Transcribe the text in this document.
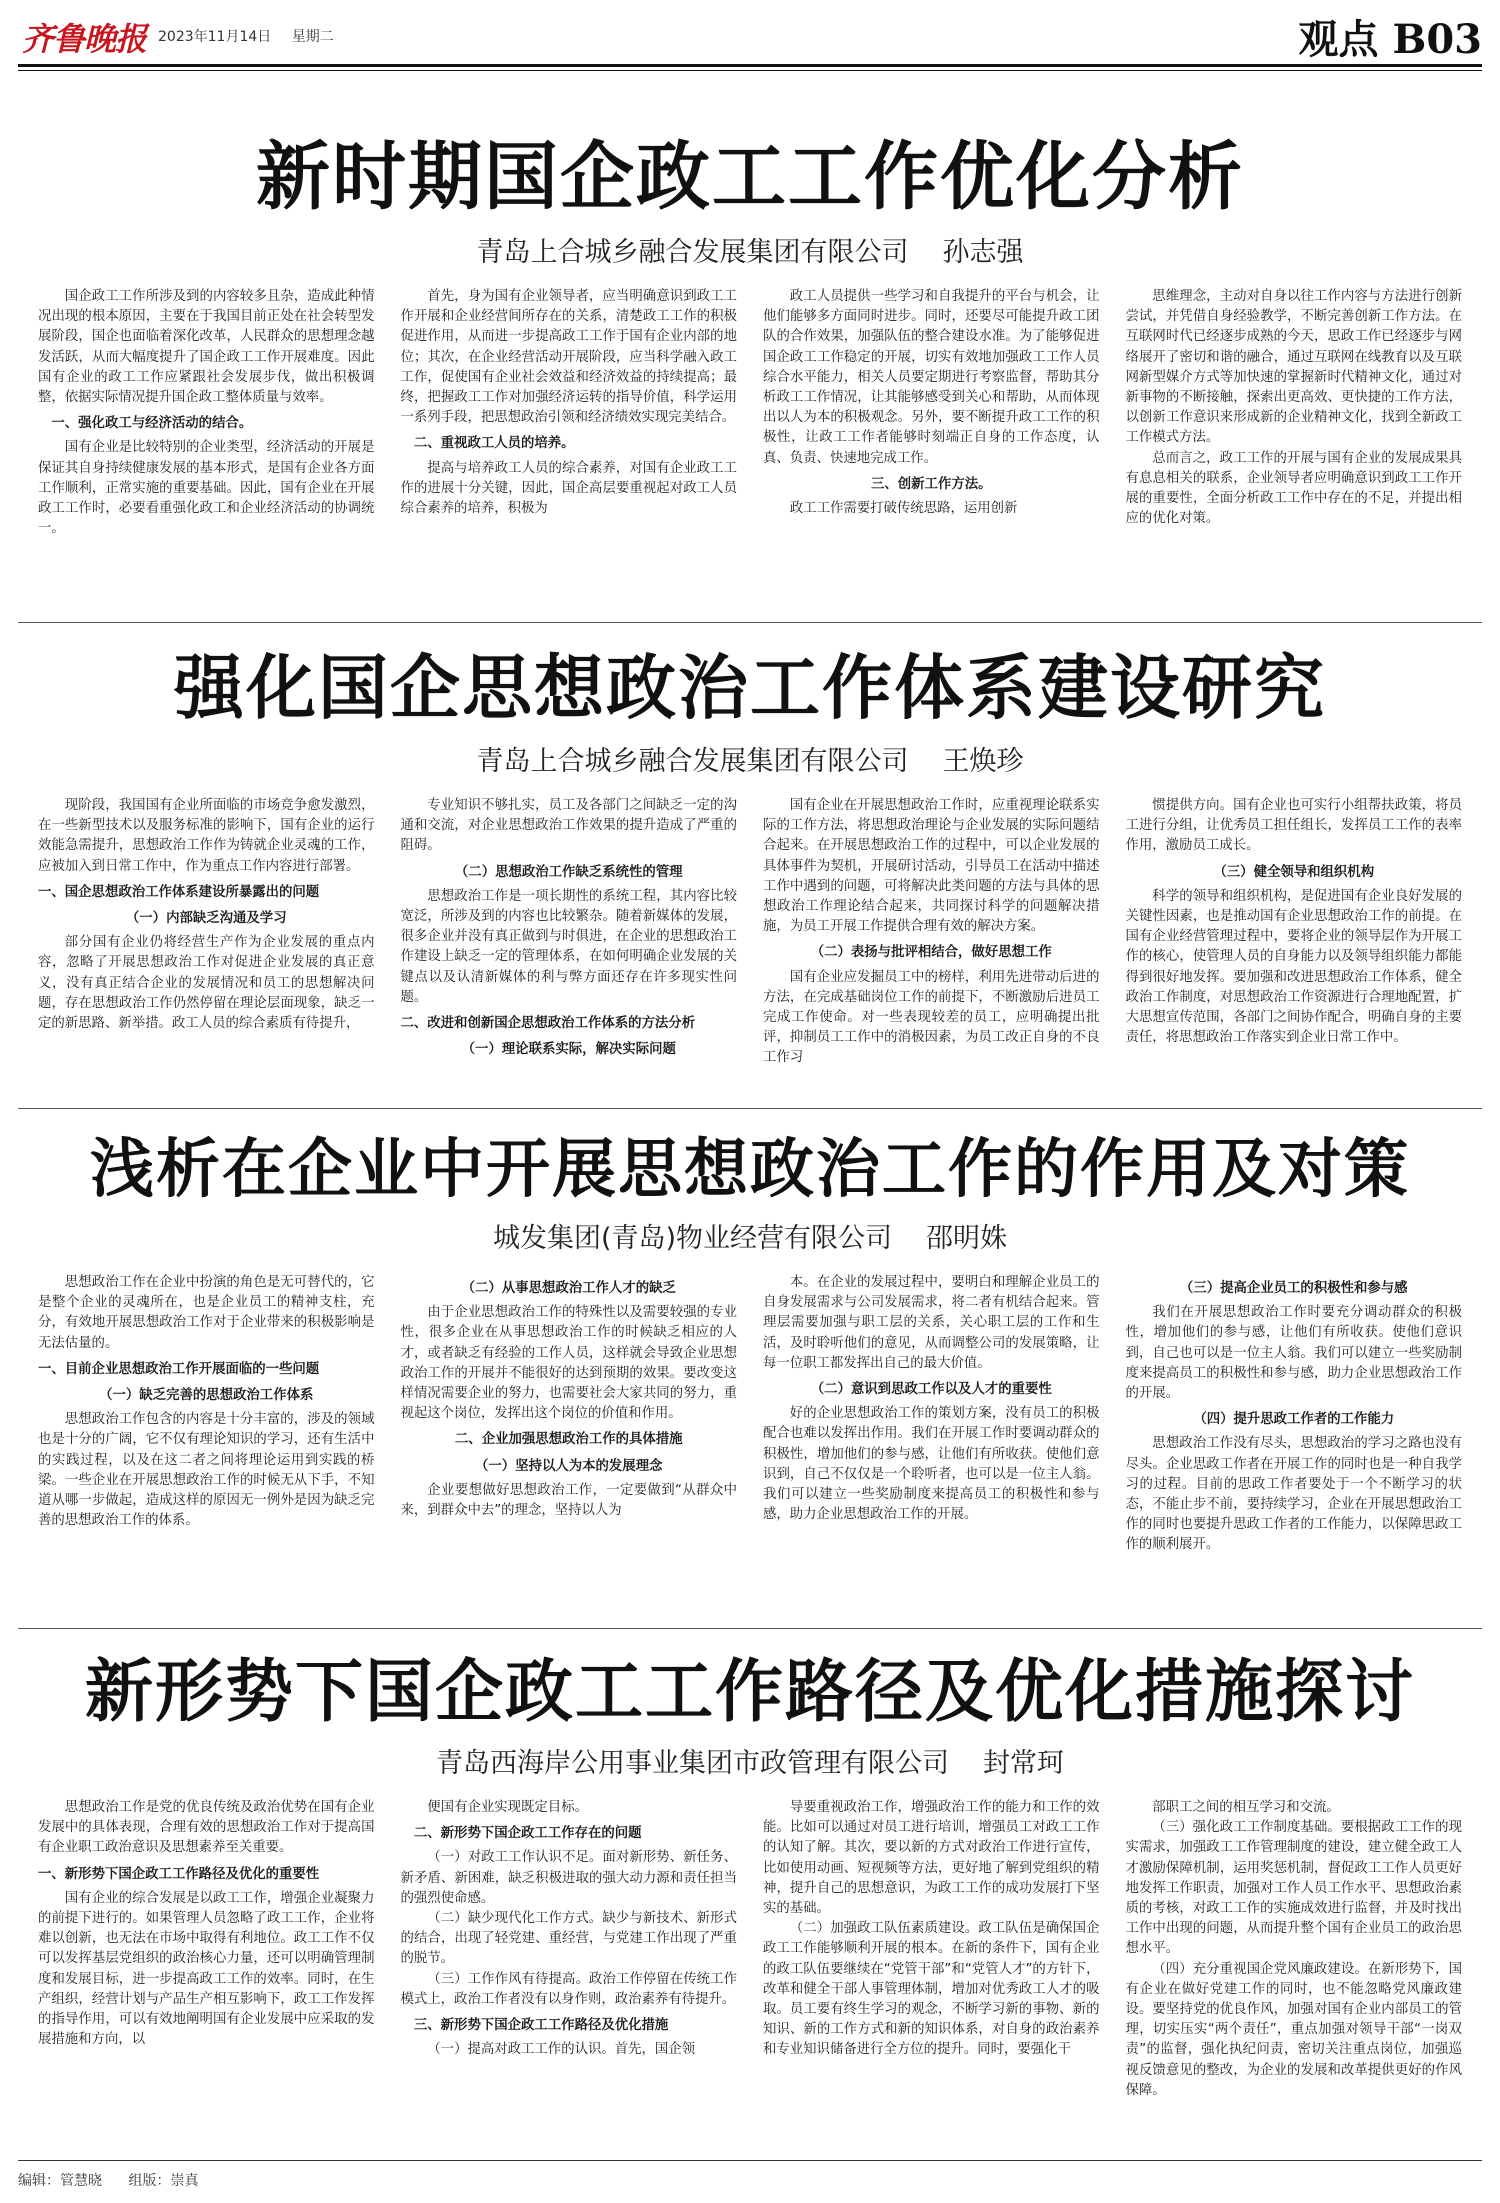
齐鲁晚报 2023年11月14日 星期二	观点 B03
新时期国企政工工作优化分析
青岛上合城乡融合发展集团有限公司 孙志强

国企政工工作所涉及到的内容较多且杂，造成此种情况出现的根本原因，主要在于我国目前正处在社会转型发展阶段，国企也面临着深化改革，人民群众的思想理念越发活跃，从而大幅度提升了国企政工工作开展难度。因此国有企业的政工工作应紧跟社会发展步伐，做出积极调整，依据实际情况提升国企政工整体质量与效率。

一、强化政工与经济活动的结合。

国有企业是比较特别的企业类型，经济活动的开展是保证其自身持续健康发展的基本形式，是国有企业各方面工作顺利，正常实施的重要基础。因此，国有企业在开展政工工作时，必要看重强化政工和企业经济活动的协调统一。

首先，身为国有企业领导者，应当明确意识到政工工作开展和企业经营间所存在的关系，清楚政工工作的积极促进作用，从而进一步提高政工工作于国有企业内部的地位；其次，在企业经营活动开展阶段，应当科学融入政工工作，促使国有企业社会效益和经济效益的持续提高；最终，把握政工工作对加强经济运转的指导价值，科学运用一系列手段，把思想政治引领和经济绩效实现完美结合。

二、重视政工人员的培养。

提高与培养政工人员的综合素养，对国有企业政工工作的进展十分关键，因此，国企高层要重视起对政工人员综合素养的培养，积极为

政工人员提供一些学习和自我提升的平台与机会，让他们能够多方面同时进步。同时，还要尽可能提升政工团队的合作效果，加强队伍的整合建设水准。为了能够促进国企政工工作稳定的开展，切实有效地加强政工工作人员综合水平能力，相关人员要定期进行考察监督，帮助其分析政工工作情况，让其能够感受到关心和帮助，从而体现出以人为本的积极观念。另外，要不断提升政工工作的积极性，让政工工作者能够时刻端正自身的工作态度，认真、负责、快速地完成工作。

三、创新工作方法。

政工工作需要打破传统思路，运用创新

思维理念，主动对自身以往工作内容与方法进行创新尝试，并凭借自身经验教学，不断完善创新工作方法。在互联网时代已经逐步成熟的今天，思政工作已经逐步与网络展开了密切和谐的融合，通过互联网在线教育以及互联网新型媒介方式等加快速的掌握新时代精神文化，通过对新事物的不断接触，探索出更高效、更快捷的工作方法，以创新工作意识来形成新的企业精神文化，找到全新政工工作模式方法。

总而言之，政工工作的开展与国有企业的发展成果具有息息相关的联系，企业领导者应明确意识到政工工作开展的重要性，全面分析政工工作中存在的不足，并提出相应的优化对策。

强化国企思想政治工作体系建设研究
青岛上合城乡融合发展集团有限公司 王焕珍

现阶段，我国国有企业所面临的市场竞争愈发激烈，在一些新型技术以及服务标准的影响下，国有企业的运行效能急需提升，思想政治工作作为铸就企业灵魂的工作，应被加入到日常工作中，作为重点工作内容进行部署。

一、国企思想政治工作体系建设所暴露出的问题
（一）内部缺乏沟通及学习

部分国有企业仍将经营生产作为企业发展的重点内容，忽略了开展思想政治工作对促进企业发展的真正意义，没有真正结合企业的发展情况和员工的思想解决问题，存在思想政治工作仍然停留在理论层面现象，缺乏一定的新思路、新举措。政工人员的综合素质有待提升，

专业知识不够扎实，员工及各部门之间缺乏一定的沟通和交流，对企业思想政治工作效果的提升造成了严重的阻碍。

（二）思想政治工作缺乏系统性的管理

思想政治工作是一项长期性的系统工程，其内容比较宽泛，所涉及到的内容也比较繁杂。随着新媒体的发展，很多企业并没有真正做到与时俱进，在企业的思想政治工作建设上缺乏一定的管理体系，在如何明确企业发展的关键点以及认清新媒体的利与弊方面还存在许多现实性问题。

二、改进和创新国企思想政治工作体系的方法分析
（一）理论联系实际，解决实际问题

国有企业在开展思想政治工作时，应重视理论联系实际的工作方法，将思想政治理论与企业发展的实际问题结合起来。在开展思想政治工作的过程中，可以企业发展的具体事件为契机，开展研讨活动，引导员工在活动中描述工作中遇到的问题，可将解决此类问题的方法与具体的思想政治工作理论结合起来，共同探讨科学的问题解决措施，为员工开展工作提供合理有效的解决方案。

（二）表扬与批评相结合，做好思想工作

国有企业应发掘员工中的榜样，利用先进带动后进的方法，在完成基础岗位工作的前提下，不断激励后进员工完成工作使命。对一些表现较差的员工，应明确提出批评，抑制员工工作中的消极因素，为员工改正自身的不良工作习

惯提供方向。国有企业也可实行小组帮扶政策，将员工进行分组，让优秀员工担任组长，发挥员工工作的表率作用，激励员工成长。

（三）健全领导和组织机构

科学的领导和组织机构，是促进国有企业良好发展的关键性因素，也是推动国有企业思想政治工作的前提。在国有企业经营管理过程中，要将企业的领导层作为开展工作的核心，使管理人员的自身能力以及领导组织能力都能得到很好地发挥。要加强和改进思想政治工作体系，健全政治工作制度，对思想政治工作资源进行合理地配置，扩大思想宣传范围，各部门之间协作配合，明确自身的主要责任，将思想政治工作落实到企业日常工作中。

浅析在企业中开展思想政治工作的作用及对策
城发集团(青岛)物业经营有限公司 邵明姝

思想政治工作在企业中扮演的角色是无可替代的，它是整个企业的灵魂所在，也是企业员工的精神支柱，充分，有效地开展思想政治工作对于企业带来的积极影响是无法估量的。

一、目前企业思想政治工作开展面临的一些问题
（一）缺乏完善的思想政治工作体系

思想政治工作包含的内容是十分丰富的，涉及的领域也是十分的广阔，它不仅有理论知识的学习，还有生活中的实践过程，以及在这二者之间将理论运用到实践的桥梁。一些企业在开展思想政治工作的时候无从下手，不知道从哪一步做起，造成这样的原因无一例外是因为缺乏完善的思想政治工作的体系。

（二）从事思想政治工作人才的缺乏

由于企业思想政治工作的特殊性以及需要较强的专业性，很多企业在从事思想政治工作的时候缺乏相应的人才，或者缺乏有经验的工作人员，这样就会导致企业思想政治工作的开展并不能很好的达到预期的效果。要改变这样情况需要企业的努力，也需要社会大家共同的努力，重视起这个岗位，发挥出这个岗位的价值和作用。

二、企业加强思想政治工作的具体措施
（一）坚持以人为本的发展理念

企业要想做好思想政治工作，一定要做到“从群众中来，到群众中去”的理念，坚持以人为

本。在企业的发展过程中，要明白和理解企业员工的自身发展需求与公司发展需求，将二者有机结合起来。管理层需要加强与职工层的关系，关心职工层的工作和生活，及时聆听他们的意见，从而调整公司的发展策略，让每一位职工都发挥出自己的最大价值。

（二）意识到思政工作以及人才的重要性

好的企业思想政治工作的策划方案，没有员工的积极配合也难以发挥出作用。我们在开展工作时要调动群众的积极性，增加他们的参与感，让他们有所收获。使他们意识到，自己不仅仅是一个聆听者，也可以是一位主人翁。我们可以建立一些奖励制度来提高员工的积极性和参与感，助力企业思想政治工作的开展。

（三）提高企业员工的积极性和参与感

我们在开展思想政治工作时要充分调动群众的积极性，增加他们的参与感，让他们有所收获。使他们意识到，自己也可以是一位主人翁。我们可以建立一些奖励制度来提高员工的积极性和参与感，助力企业思想政治工作的开展。

（四）提升思政工作者的工作能力

思想政治工作没有尽头，思想政治的学习之路也没有尽头。企业思政工作者在开展工作的同时也是一种自我学习的过程。目前的思政工作者要处于一个不断学习的状态，不能止步不前，要持续学习，企业在开展思想政治工作的同时也要提升思政工作者的工作能力，以保障思政工作的顺利展开。

新形势下国企政工工作路径及优化措施探讨
青岛西海岸公用事业集团市政管理有限公司 封常珂

思想政治工作是党的优良传统及政治优势在国有企业发展中的具体表现，合理有效的思想政治工作对于提高国有企业职工政治意识及思想素养至关重要。

一、新形势下国企政工工作路径及优化的重要性

国有企业的综合发展是以政工工作，增强企业凝聚力的前提下进行的。如果管理人员忽略了政工工作，企业将难以创新，也无法在市场中取得有利地位。政工工作不仅可以发挥基层党组织的政治核心力量，还可以明确管理制度和发展目标，进一步提高政工工作的效率。同时，在生产组织，经营计划与产品生产相互影响下，政工工作发挥的指导作用，可以有效地阐明国有企业发展中应采取的发展措施和方向，以

便国有企业实现既定目标。

二、新形势下国企政工工作存在的问题

（一）对政工工作认识不足。面对新形势、新任务、新矛盾、新困难，缺乏积极进取的强大动力源和责任担当的强烈使命感。

（二）缺少现代化工作方式。缺少与新技术、新形式的结合，出现了轻党建、重经营，与党建工作出现了严重的脱节。

（三）工作作风有待提高。政治工作停留在传统工作模式上，政治工作者没有以身作则，政治素养有待提升。

三、新形势下国企政工工作路径及优化措施

（一）提高对政工工作的认识。首先，国企领

导要重视政治工作，增强政治工作的能力和工作的效能。比如可以通过对员工进行培训，增强员工对政工工作的认知了解。其次，要以新的方式对政治工作进行宣传，比如使用动画、短视频等方法，更好地了解到党组织的精神，提升自己的思想意识，为政工工作的成功发展打下坚实的基础。

（二）加强政工队伍素质建设。政工队伍是确保国企政工工作能够顺利开展的根本。在新的条件下，国有企业的政工队伍要继续在“党管干部”和“党管人才”的方针下，改革和健全干部人事管理体制，增加对优秀政工人才的吸取。员工要有终生学习的观念，不断学习新的事物、新的知识、新的工作方式和新的知识体系，对自身的政治素养和专业知识储备进行全方位的提升。同时，要强化干

部职工之间的相互学习和交流。

（三）强化政工工作制度基础。要根据政工工作的现实需求，加强政工工作管理制度的建设，建立健全政工人才激励保障机制，运用奖惩机制，督促政工工作人员更好地发挥工作职责，加强对工作人员工作水平、思想政治素质的考核，对政工工作的实施成效进行监督，并及时找出工作中出现的问题，从而提升整个国有企业员工的政治思想水平。

（四）充分重视国企党风廉政建设。在新形势下，国有企业在做好党建工作的同时，也不能忽略党风廉政建设。要坚持党的优良作风，加强对国有企业内部员工的管理，切实压实“两个责任”，重点加强对领导干部“一岗双责”的监督，强化执纪问责，密切关注重点岗位，加强巡视反馈意见的整改，为企业的发展和改革提供更好的作风保障。

编辑：管慧晓 组版：崇真
